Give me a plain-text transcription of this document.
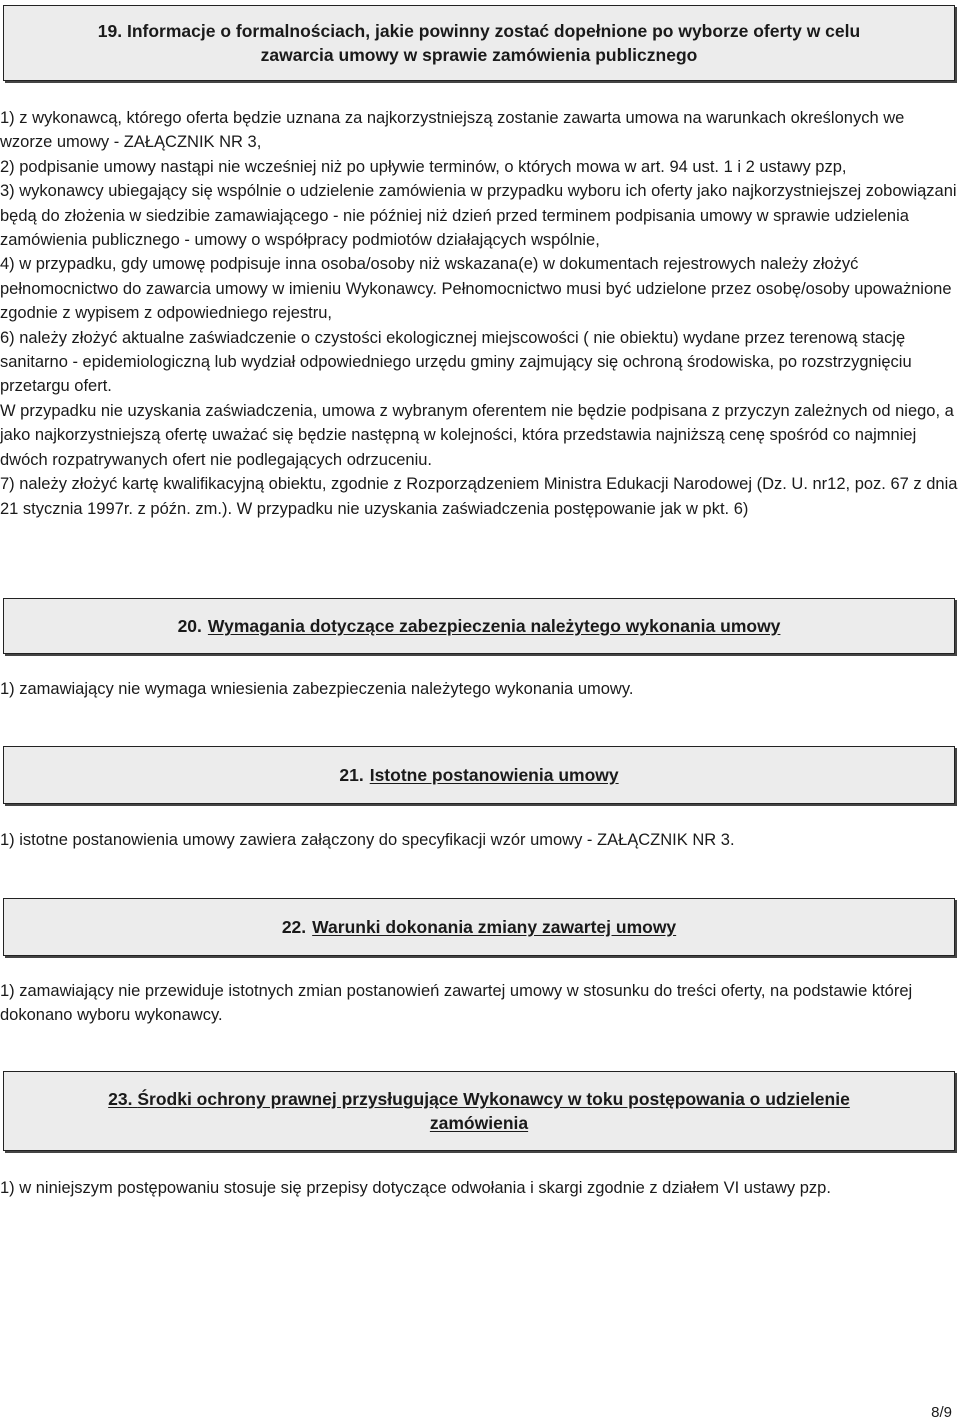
19. Informacje o formalnościach, jakie powinny zostać dopełnione po wyborze oferty w celu zawarcia umowy w sprawie zamówienia publicznego

1) z wykonawcą, którego oferta będzie uznana za najkorzystniejszą zostanie zawarta umowa na warunkach określonych we wzorze umowy - ZAŁĄCZNIK NR 3,

2) podpisanie umowy nastąpi nie wcześniej niż po upływie terminów, o których mowa w art. 94 ust. 1 i 2 ustawy pzp,

3) wykonawcy ubiegający się wspólnie o udzielenie zamówienia w przypadku wyboru ich oferty jako najkorzystniejszej zobowiązani będą do złożenia w siedzibie zamawiającego - nie później niż dzień przed terminem podpisania umowy w sprawie udzielenia zamówienia publicznego - umowy o współpracy podmiotów działających wspólnie,

4) w przypadku, gdy umowę podpisuje inna osoba/osoby niż wskazana(e) w dokumentach rejestrowych należy złożyć pełnomocnictwo do zawarcia umowy w imieniu Wykonawcy. Pełnomocnictwo musi być udzielone przez osobę/osoby upoważnione zgodnie z wypisem z odpowiedniego rejestru,

6) należy złożyć aktualne zaświadczenie o czystości ekologicznej miejscowości ( nie obiektu) wydane przez terenową stację sanitarno - epidemiologiczną lub wydział odpowiedniego urzędu gminy zajmujący się ochroną środowiska, po rozstrzygnięciu przetargu ofert.

W przypadku nie uzyskania zaświadczenia, umowa z wybranym oferentem nie będzie podpisana z przyczyn zależnych od niego, a jako najkorzystniejszą ofertę uważać się będzie następną w kolejności, która przedstawia najniższą cenę spośród co najmniej dwóch rozpatrywanych ofert nie podlegających odrzuceniu.

7) należy złożyć kartę kwalifikacyjną obiektu, zgodnie z Rozporządzeniem Ministra Edukacji Narodowej (Dz. U. nr12, poz. 67 z dnia 21 stycznia 1997r. z późn. zm.). W przypadku nie uzyskania zaświadczenia postępowanie jak w pkt. 6)

20. Wymagania dotyczące zabezpieczenia należytego wykonania umowy

1) zamawiający nie wymaga wniesienia zabezpieczenia należytego wykonania umowy.

21. Istotne postanowienia umowy

1) istotne postanowienia umowy zawiera załączony do specyfikacji wzór umowy - ZAŁĄCZNIK NR 3.

22. Warunki dokonania zmiany zawartej umowy

1) zamawiający nie przewiduje istotnych zmian postanowień zawartej umowy w stosunku do treści oferty, na podstawie której dokonano wyboru wykonawcy.

23. Środki ochrony prawnej przysługujące Wykonawcy w toku postępowania o udzielenie zamówienia

1) w niniejszym postępowaniu stosuje się przepisy dotyczące odwołania i skargi zgodnie z działem VI ustawy pzp.

8/9
